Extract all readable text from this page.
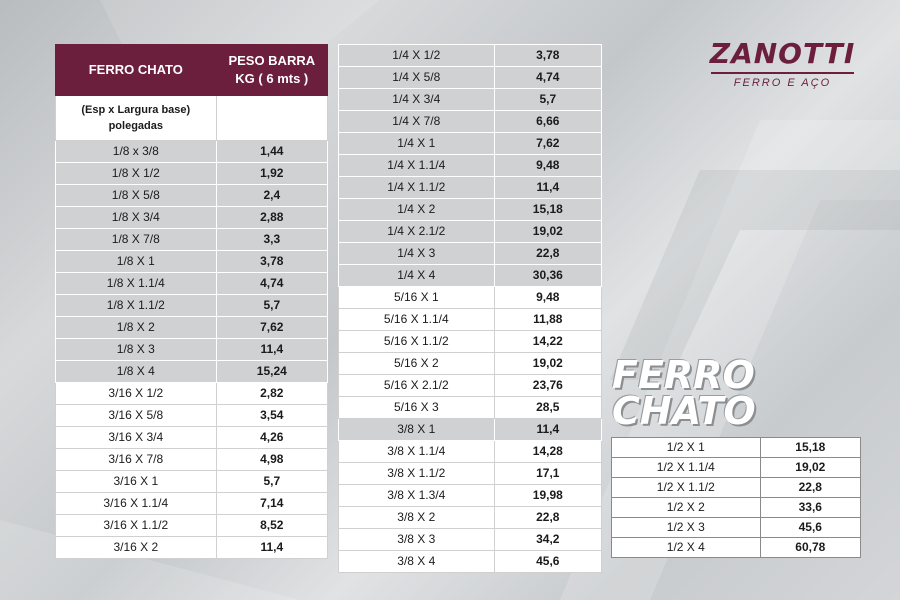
FERRO CHATO	PESO BARRA
KG ( 6 mts )
(Esp x Largura base)
polegadas	
1/8 x 3/8	1,44
1/8 X 1/2	1,92
1/8 X 5/8	2,4
1/8 X 3/4	2,88
1/8 X 7/8	3,3
1/8 X 1	3,78
1/8 X 1.1/4	4,74
1/8 X 1.1/2	5,7
1/8 X 2	7,62
1/8 X 3	11,4
1/8 X 4	15,24
3/16 X 1/2	2,82
3/16 X 5/8	3,54
3/16 X 3/4	4,26
3/16 X 7/8	4,98
3/16 X 1	5,7
3/16 X 1.1/4	7,14
3/16 X 1.1/2	8,52
3/16 X 2	11,4
1/4 X 1/2	3,78
1/4 X 5/8	4,74
1/4 X 3/4	5,7
1/4 X 7/8	6,66
1/4 X 1	7,62
1/4 X 1.1/4	9,48
1/4 X 1.1/2	11,4
1/4 X 2	15,18
1/4 X 2.1/2	19,02
1/4 X 3	22,8
1/4 X 4	30,36
5/16 X 1	9,48
5/16 X 1.1/4	11,88
5/16 X 1.1/2	14,22
5/16 X 2	19,02
5/16 X 2.1/2	23,76
5/16 X 3	28,5
3/8 X 1	11,4
3/8 X 1.1/4	14,28
3/8 X 1.1/2	17,1
3/8 X 1.3/4	19,98
3/8 X 2	22,8
3/8 X 3	34,2
3/8 X 4	45,6
ZANOTTI
FERRO E AÇO
FERRO
CHATO
1/2 X 1	15,18
1/2 X 1.1/4	19,02
1/2 X 1.1/2	22,8
1/2 X 2	33,6
1/2 X 3	45,6
1/2 X 4	60,78
